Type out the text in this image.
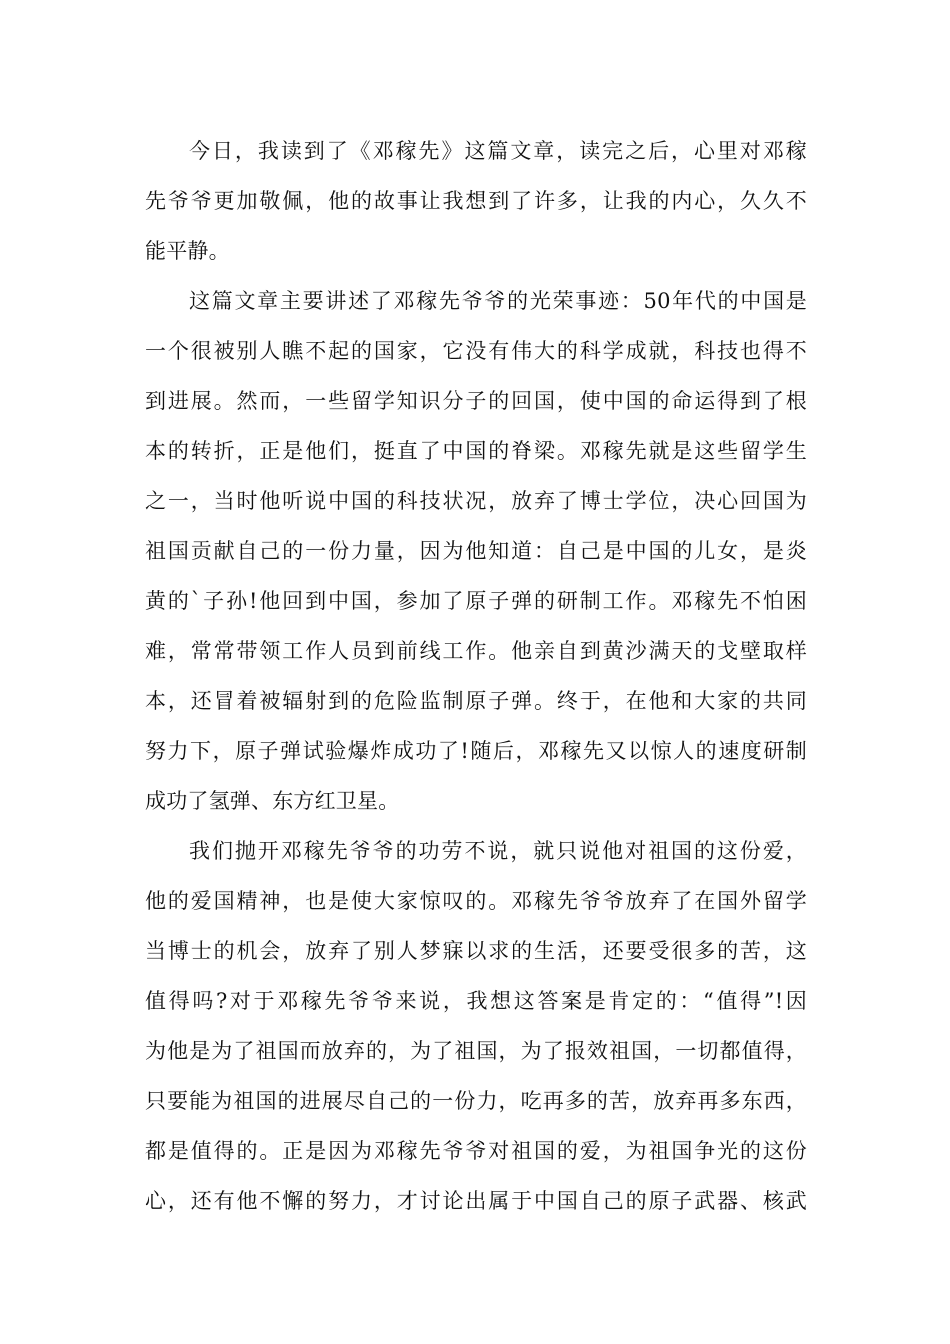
今日，我读到了《邓稼先》这篇文章，读完之后，心里对邓稼
先爷爷更加敬佩，他的故事让我想到了许多，让我的内心，久久不
能平静。
这篇文章主要讲述了邓稼先爷爷的光荣事迹：50年代的中国是
一个很被别人瞧不起的国家，它没有伟大的科学成就，科技也得不
到进展。然而，一些留学知识分子的回国，使中国的命运得到了根
本的转折，正是他们，挺直了中国的脊梁。邓稼先就是这些留学生
之一，当时他听说中国的科技状况，放弃了博士学位，决心回国为
祖国贡献自己的一份力量，因为他知道：自己是中国的儿女，是炎
黄的`子孙!他回到中国，参加了原子弹的研制工作。邓稼先不怕困
难，常常带领工作人员到前线工作。他亲自到黄沙满天的戈壁取样
本，还冒着被辐射到的危险监制原子弹。终于，在他和大家的共同
努力下，原子弹试验爆炸成功了!随后，邓稼先又以惊人的速度研制
成功了氢弹、东方红卫星。
我们抛开邓稼先爷爷的功劳不说，就只说他对祖国的这份爱，
他的爱国精神，也是使大家惊叹的。邓稼先爷爷放弃了在国外留学
当博士的机会，放弃了别人梦寐以求的生活，还要受很多的苦，这
值得吗?对于邓稼先爷爷来说，我想这答案是肯定的：“值得”!因
为他是为了祖国而放弃的，为了祖国，为了报效祖国，一切都值得，
只要能为祖国的进展尽自己的一份力，吃再多的苦，放弃再多东西，
都是值得的。正是因为邓稼先爷爷对祖国的爱，为祖国争光的这份
心，还有他不懈的努力，才讨论出属于中国自己的原子武器、核武
